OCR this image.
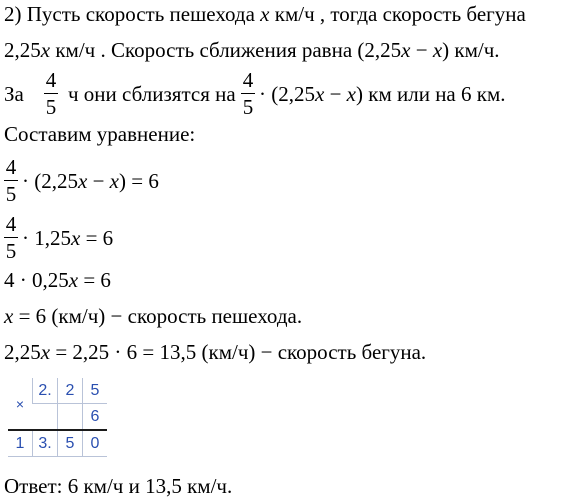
2) Пусть скорость пешехода x км/ч , тогда скорость бегуна
2,25x км/ч . Скорость сближения равна (2,25x − x) км/ч.
За
4
5
ч они сблизятся на
4
5
· (2,25x − x) км или на 6 км.
Составим уравнение:
4
5
· (2,25x − x) = 6
4
5
· 1,25x = 6
4 · 0,25x = 6
x = 6 (км/ч) − скорость пешехода.
2,25x = 2,25 · 6 = 13,5 (км/ч) − скорость бегуна.
×	2.	2	5
			6
1	3.	5	0
Ответ: 6 км/ч и 13,5 км/ч.
